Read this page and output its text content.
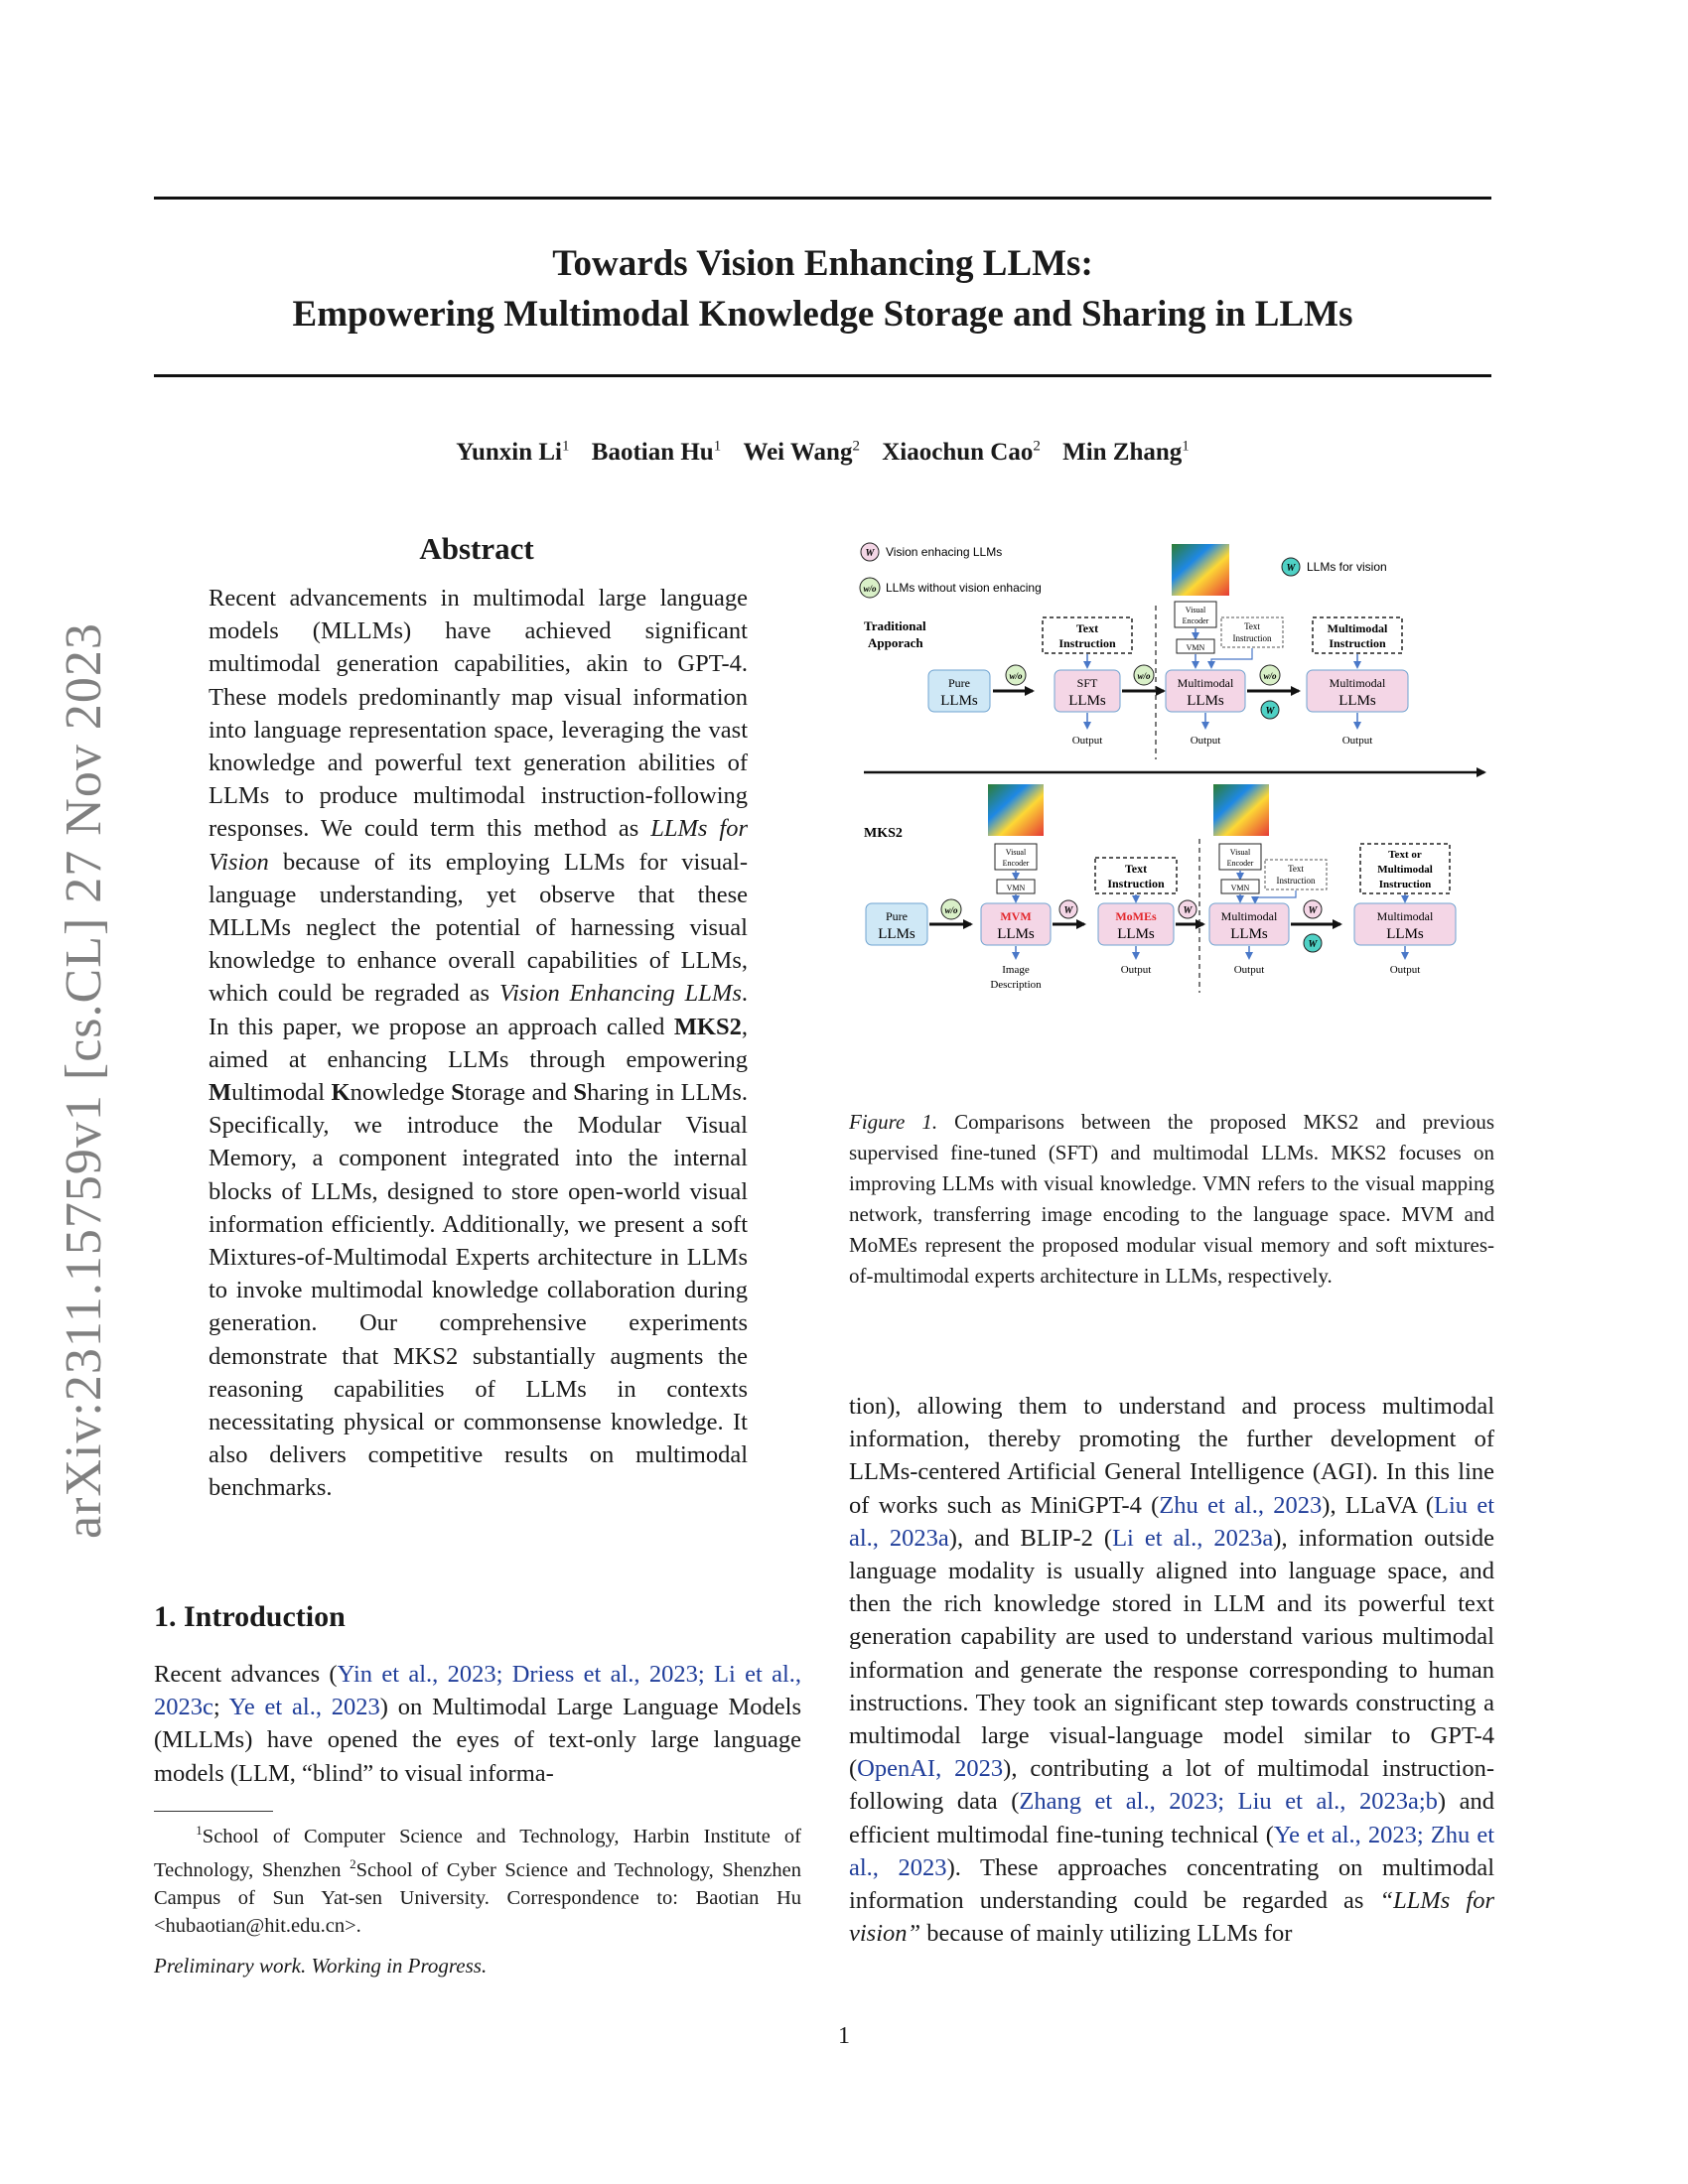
Towards Vision Enhancing LLMs:
Empowering Multimodal Knowledge Storage and Sharing in LLMs
Yunxin Li$^1$ Baotian Hu$^1$ Wei Wang$^2$ Xiaochun Cao$^2$ Min Zhang$^1$
arXiv:2311.15759v1 [cs.CL] 27 Nov 2023
Abstract
Recent advancements in multimodal large language models (MLLMs) have achieved significant multimodal generation capabilities, akin to GPT-4. These models predominantly map visual information into language representation space, leveraging the vast knowledge and powerful text generation abilities of LLMs to produce multimodal instruction-following responses. We could term this method as LLMs for Vision because of its employing LLMs for visual-language understanding, yet observe that these MLLMs neglect the potential of harnessing visual knowledge to enhance overall capabilities of LLMs, which could be regraded as Vision Enhancing LLMs. In this paper, we propose an approach called MKS2, aimed at enhancing LLMs through empowering Multimodal Knowledge Storage and Sharing in LLMs. Specifically, we introduce the Modular Visual Memory, a component integrated into the internal blocks of LLMs, designed to store open-world visual information efficiently. Additionally, we present a soft Mixtures-of-Multimodal Experts architecture in LLMs to invoke multimodal knowledge collaboration during generation. Our comprehensive experiments demonstrate that MKS2 substantially augments the reasoning capabilities of LLMs in contexts necessitating physical or commonsense knowledge. It also delivers competitive results on multimodal benchmarks.
1. Introduction
Recent advances (Yin et al., 2023; Driess et al., 2023; Li et al., 2023c; Ye et al., 2023) on Multimodal Large Language Models (MLLMs) have opened the eyes of text-only large language models (LLM, “blind” to visual informa-
$^1$School of Computer Science and Technology, Harbin Institute of Technology, Shenzhen $^2$School of Cyber Science and Technology, Shenzhen Campus of Sun Yat-sen University. Correspondence to: Baotian Hu <hubaotian@hit.edu.cn>.
Preliminary work. Working in Progress.
W Vision enhacing LLMs
w/o LLMs without vision enhacing
W LLMs for vision
Traditional
Apporach
Pure
LLMs
w/o
Text
Instruction
SFT
LLMs
Output
w/o
Visual
Encoder
VMN
Text
Instruction
Multimodal
LLMs
Output
w/o
W
Multimodal
Instruction
Multimodal
LLMs
Output
MKS2
Pure
LLMs
w/o
Visual
Encoder
VMN
MVM
LLMs
Image
Description
W
Text
Instruction
MoMEs
LLMs
Output
W
Visual
Encoder
VMN
Text
Instruction
Multimodal
LLMs
Output
W
W
Text or
Multimodal
Instruction
Multimodal
LLMs
Output
Figure 1. Comparisons between the proposed MKS2 and previous supervised fine-tuned (SFT) and multimodal LLMs. MKS2 focuses on improving LLMs with visual knowledge. VMN refers to the visual mapping network, transferring image encoding to the language space. MVM and MoMEs represent the proposed modular visual memory and soft mixtures-of-multimodal experts architecture in LLMs, respectively.
tion), allowing them to understand and process multimodal information, thereby promoting the further development of LLMs-centered Artificial General Intelligence (AGI). In this line of works such as MiniGPT-4 (Zhu et al., 2023), LLaVA (Liu et al., 2023a), and BLIP-2 (Li et al., 2023a), information outside language modality is usually aligned into language space, and then the rich knowledge stored in LLM and its powerful text generation capability are used to understand various multimodal information and generate the response corresponding to human instructions. They took an significant step towards constructing a multimodal large visual-language model similar to GPT-4 (OpenAI, 2023), contributing a lot of multimodal instruction-following data (Zhang et al., 2023; Liu et al., 2023a;b) and efficient multimodal fine-tuning technical (Ye et al., 2023; Zhu et al., 2023). These approaches concentrating on multimodal information understanding could be regarded as “LLMs for vision” because of mainly utilizing LLMs for
1
